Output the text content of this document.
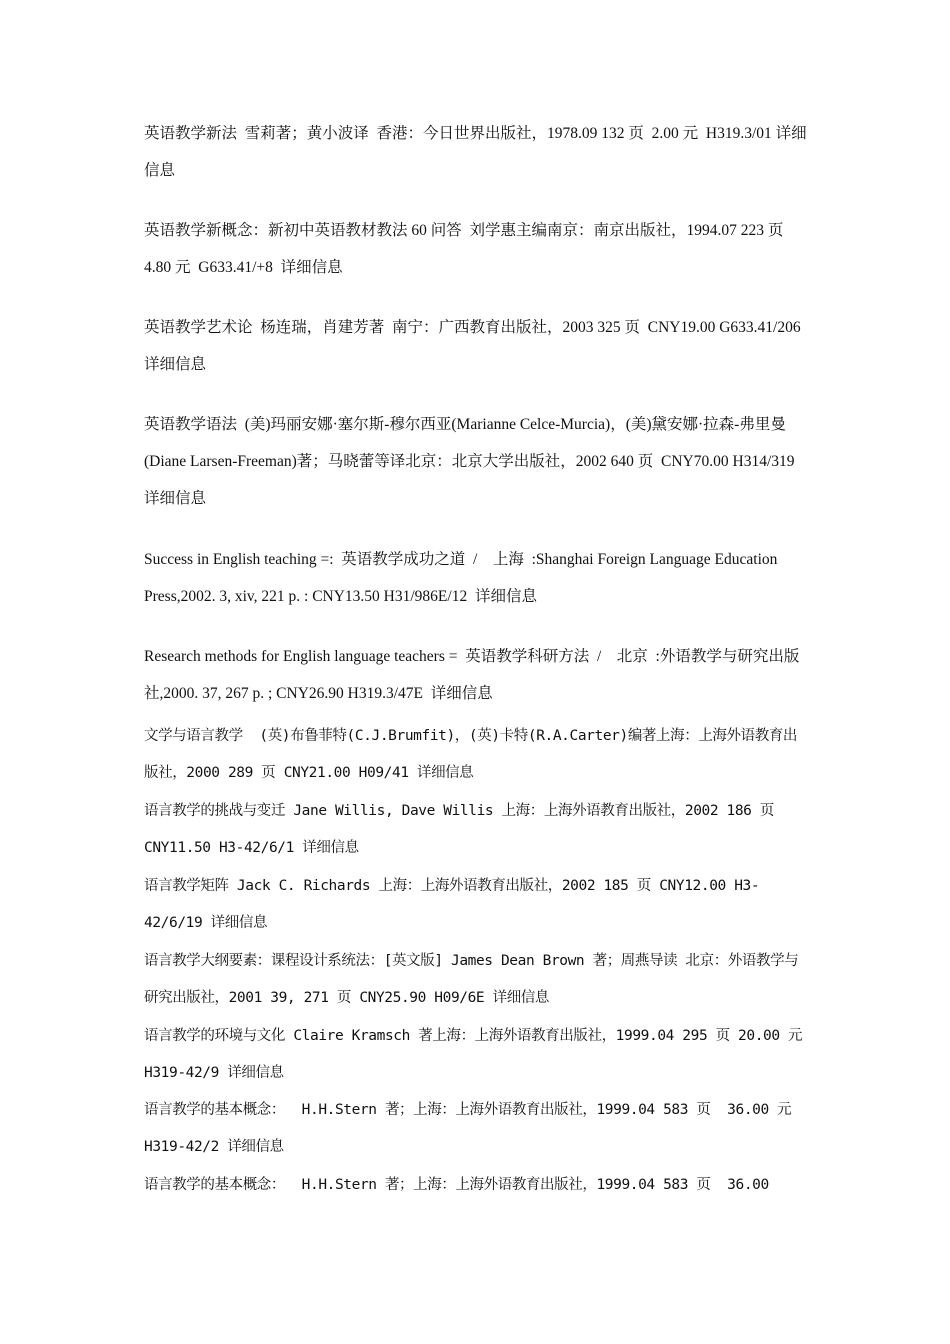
英语教学新法  雪莉著；黄小波译  香港：今日世界出版社，1978.09 132 页  2.00 元  H319.3/01 详细信息

英语教学新概念：新初中英语教材教法 60 问答  刘学惠主编南京：南京出版社，1994.07 223 页  4.80 元  G633.41/+8  详细信息

英语教学艺术论  杨连瑞，肖建芳著  南宁：广西教育出版社，2003 325 页  CNY19.00 G633.41/206  详细信息

英语教学语法  (美)玛丽安娜·塞尔斯-穆尔西亚(Marianne Celce-Murcia)，(美)黛安娜·拉森-弗里曼(Diane Larsen-Freeman)著；马晓蕾等译北京：北京大学出版社，2002 640 页  CNY70.00 H314/319  详细信息

Success in English teaching =:  英语教学成功之道  /    上海  :Shanghai Foreign Language Education Press,2002. 3, xiv, 221 p. : CNY13.50 H31/986E/12  详细信息

Research methods for English language teachers =  英语教学科研方法  /    北京  :外语教学与研究出版社,2000. 37, 267 p. ; CNY26.90 H319.3/47E  详细信息

文学与语言教学  (英)布鲁菲特(C.J.Brumfit)，(英)卡特(R.A.Carter)编著上海：上海外语教育出版社，2000 289 页 CNY21.00 H09/41 详细信息

语言教学的挑战与变迁 Jane Willis, Dave Willis 上海：上海外语教育出版社，2002 186 页 CNY11.50 H3-42/6/1 详细信息

语言教学矩阵 Jack C. Richards 上海：上海外语教育出版社，2002 185 页 CNY12.00 H3-42/6/19 详细信息

语言教学大纲要素：课程设计系统法：[英文版] James Dean Brown 著；周燕导读 北京：外语教学与研究出版社，2001 39, 271 页 CNY25.90 H09/6E 详细信息

语言教学的环境与文化 Claire Kramsch 著上海：上海外语教育出版社，1999.04 295 页 20.00 元 H319-42/9 详细信息

语言教学的基本概念：  H.H.Stern 著；上海：上海外语教育出版社，1999.04 583 页  36.00 元 H319-42/2 详细信息

语言教学的基本概念：  H.H.Stern 著；上海：上海外语教育出版社，1999.04 583 页  36.00
